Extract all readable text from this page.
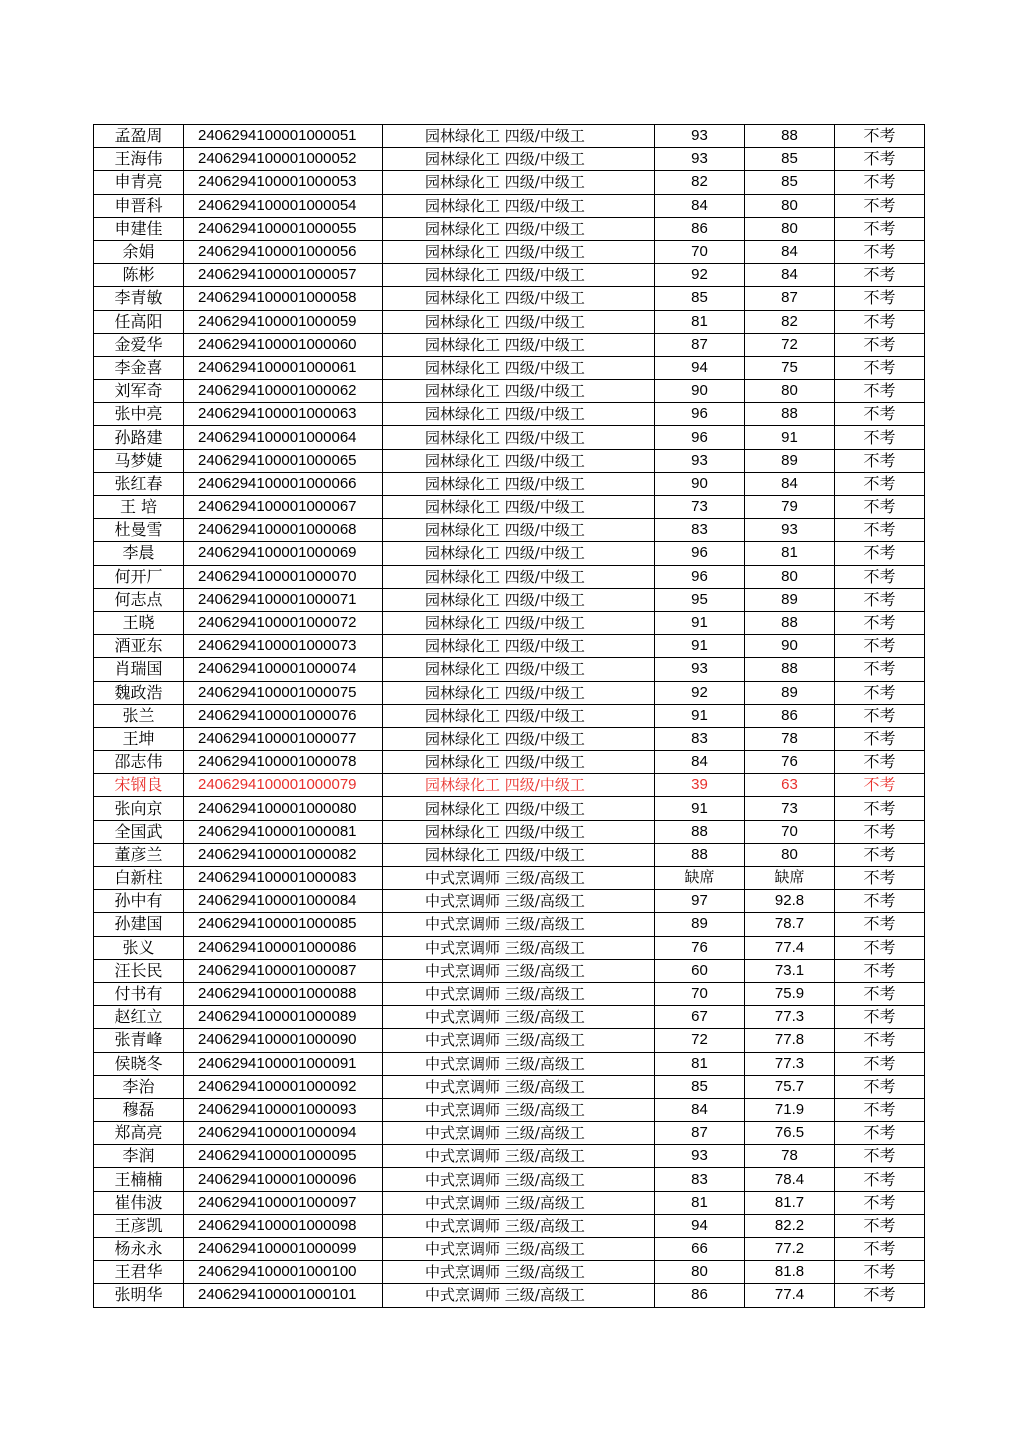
孟盈周	2406294100001000051	园林绿化工 四级/中级工	93	88	不考
王海伟	2406294100001000052	园林绿化工 四级/中级工	93	85	不考
申青亮	2406294100001000053	园林绿化工 四级/中级工	82	85	不考
申晋科	2406294100001000054	园林绿化工 四级/中级工	84	80	不考
申建佳	2406294100001000055	园林绿化工 四级/中级工	86	80	不考
余娟	2406294100001000056	园林绿化工 四级/中级工	70	84	不考
陈彬	2406294100001000057	园林绿化工 四级/中级工	92	84	不考
李青敏	2406294100001000058	园林绿化工 四级/中级工	85	87	不考
任高阳	2406294100001000059	园林绿化工 四级/中级工	81	82	不考
金爱华	2406294100001000060	园林绿化工 四级/中级工	87	72	不考
李金喜	2406294100001000061	园林绿化工 四级/中级工	94	75	不考
刘军奇	2406294100001000062	园林绿化工 四级/中级工	90	80	不考
张中亮	2406294100001000063	园林绿化工 四级/中级工	96	88	不考
孙路建	2406294100001000064	园林绿化工 四级/中级工	96	91	不考
马梦婕	2406294100001000065	园林绿化工 四级/中级工	93	89	不考
张红春	2406294100001000066	园林绿化工 四级/中级工	90	84	不考
王 培	2406294100001000067	园林绿化工 四级/中级工	73	79	不考
杜曼雪	2406294100001000068	园林绿化工 四级/中级工	83	93	不考
李晨	2406294100001000069	园林绿化工 四级/中级工	96	81	不考
何开厂	2406294100001000070	园林绿化工 四级/中级工	96	80	不考
何志点	2406294100001000071	园林绿化工 四级/中级工	95	89	不考
王晓	2406294100001000072	园林绿化工 四级/中级工	91	88	不考
酒亚东	2406294100001000073	园林绿化工 四级/中级工	91	90	不考
肖瑞国	2406294100001000074	园林绿化工 四级/中级工	93	88	不考
魏政浩	2406294100001000075	园林绿化工 四级/中级工	92	89	不考
张兰	2406294100001000076	园林绿化工 四级/中级工	91	86	不考
王坤	2406294100001000077	园林绿化工 四级/中级工	83	78	不考
邵志伟	2406294100001000078	园林绿化工 四级/中级工	84	76	不考
宋钢良	2406294100001000079	园林绿化工 四级/中级工	39	63	不考
张向京	2406294100001000080	园林绿化工 四级/中级工	91	73	不考
全国武	2406294100001000081	园林绿化工 四级/中级工	88	70	不考
董彦兰	2406294100001000082	园林绿化工 四级/中级工	88	80	不考
白新柱	2406294100001000083	中式烹调师 三级/高级工	缺席	缺席	不考
孙中有	2406294100001000084	中式烹调师 三级/高级工	97	92.8	不考
孙建国	2406294100001000085	中式烹调师 三级/高级工	89	78.7	不考
张义	2406294100001000086	中式烹调师 三级/高级工	76	77.4	不考
汪长民	2406294100001000087	中式烹调师 三级/高级工	60	73.1	不考
付书有	2406294100001000088	中式烹调师 三级/高级工	70	75.9	不考
赵红立	2406294100001000089	中式烹调师 三级/高级工	67	77.3	不考
张青峰	2406294100001000090	中式烹调师 三级/高级工	72	77.8	不考
侯晓冬	2406294100001000091	中式烹调师 三级/高级工	81	77.3	不考
李治	2406294100001000092	中式烹调师 三级/高级工	85	75.7	不考
穆磊	2406294100001000093	中式烹调师 三级/高级工	84	71.9	不考
郑高亮	2406294100001000094	中式烹调师 三级/高级工	87	76.5	不考
李润	2406294100001000095	中式烹调师 三级/高级工	93	78	不考
王楠楠	2406294100001000096	中式烹调师 三级/高级工	83	78.4	不考
崔伟波	2406294100001000097	中式烹调师 三级/高级工	81	81.7	不考
王彦凯	2406294100001000098	中式烹调师 三级/高级工	94	82.2	不考
杨永永	2406294100001000099	中式烹调师 三级/高级工	66	77.2	不考
王君华	2406294100001000100	中式烹调师 三级/高级工	80	81.8	不考
张明华	2406294100001000101	中式烹调师 三级/高级工	86	77.4	不考
